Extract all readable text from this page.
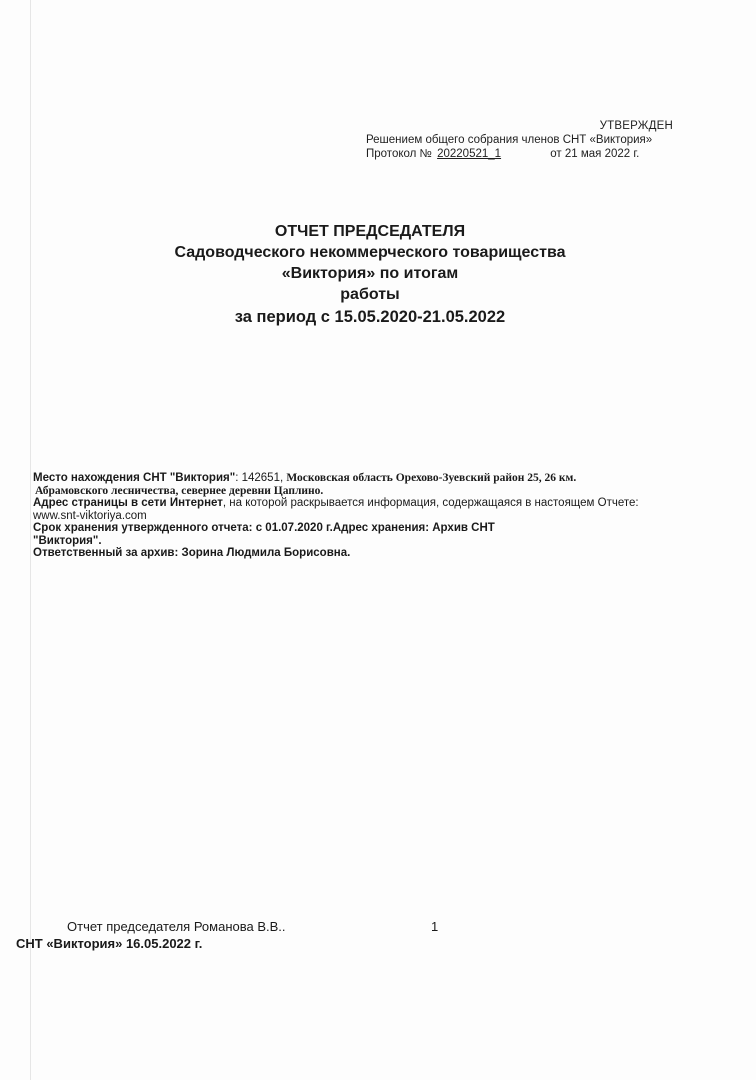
УТВЕРЖДЕН
Решением общего собрания членов СНТ «Виктория»
Протокол № 20220521_1	от 21 мая 2022 г.
ОТЧЕТ ПРЕДСЕДАТЕЛЯ
Садоводческого некоммерческого товарищества
«Виктория» по итогам
работы
за период с 15.05.2020-21.05.2022

Место нахождения СНТ "Виктория": 142651, Московская область Орехово-Зуевский район 25, 26 км.

Абрамовского лесничества, севернее деревни Цаплино.

Адрес страницы в сети Интернет, на которой раскрывается информация, содержащаяся в настоящем Отчете:

www.snt-viktoriya.com

Срок хранения утвержденного отчета: с 01.07.2020 г.Адрес хранения: Архив СНТ

"Виктория".

Ответственный за архив: Зорина Людмила Борисовна.

Отчет председателя Романова В.В..	1
СНТ «Виктория» 16.05.2022 г.
